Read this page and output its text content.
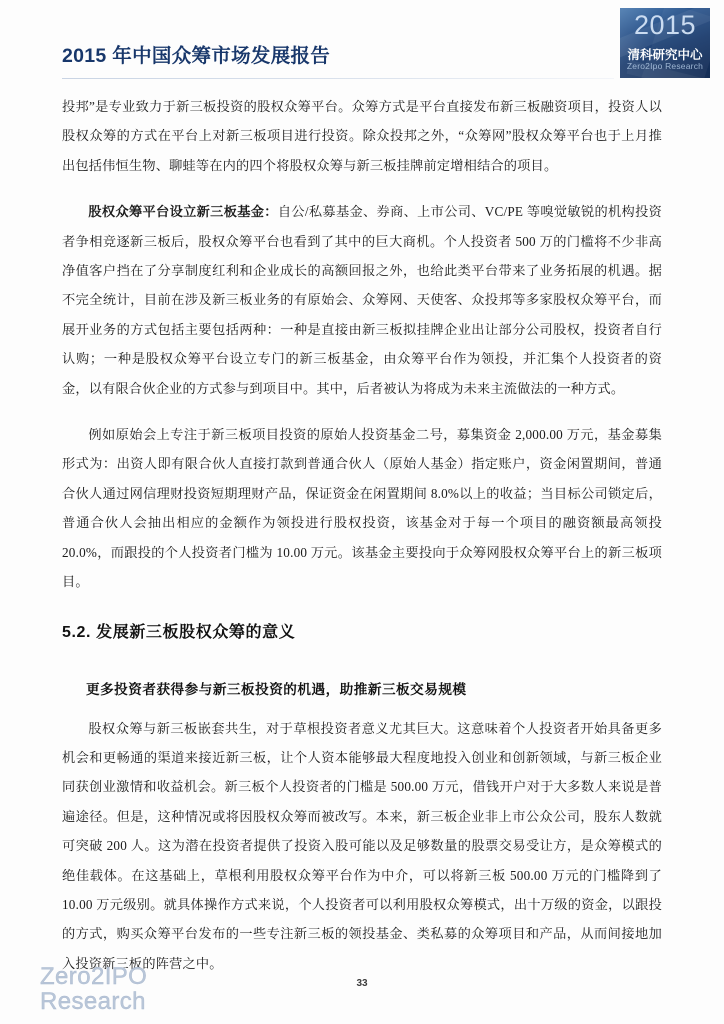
2015 年中国众筹市场发展报告
2015
清科研究中心
Zero2Ipo Research

投邦”是专业致力于新三板投资的股权众筹平台。众筹方式是平台直接发布新三板融资项目，投资人以股权众筹的方式在平台上对新三板项目进行投资。除众投邦之外，“众筹网”股权众筹平台也于上月推出包括伟恒生物、聊蛙等在内的四个将股权众筹与新三板挂牌前定增相结合的项目。

股权众筹平台设立新三板基金：自公/私募基金、券商、上市公司、VC/PE 等嗅觉敏锐的机构投资者争相竞逐新三板后，股权众筹平台也看到了其中的巨大商机。个人投资者 500 万的门槛将不少非高净值客户挡在了分享制度红利和企业成长的高额回报之外，也给此类平台带来了业务拓展的机遇。据不完全统计，目前在涉及新三板业务的有原始会、众筹网、天使客、众投邦等多家股权众筹平台，而展开业务的方式包括主要包括两种：一种是直接由新三板拟挂牌企业出让部分公司股权，投资者自行认购；一种是股权众筹平台设立专门的新三板基金，由众筹平台作为领投，并汇集个人投资者的资金，以有限合伙企业的方式参与到项目中。其中，后者被认为将成为未来主流做法的一种方式。

例如原始会上专注于新三板项目投资的原始人投资基金二号，募集资金 2,000.00 万元，基金募集形式为：出资人即有限合伙人直接打款到普通合伙人（原始人基金）指定账户，资金闲置期间，普通合伙人通过网信理财投资短期理财产品，保证资金在闲置期间 8.0%以上的收益；当目标公司锁定后，普通合伙人会抽出相应的金额作为领投进行股权投资，该基金对于每一个项目的融资额最高领投 20.0%，而跟投的个人投资者门槛为 10.00 万元。该基金主要投向于众筹网股权众筹平台上的新三板项目。

5.2. 发展新三板股权众筹的意义
更多投资者获得参与新三板投资的机遇，助推新三板交易规模

股权众筹与新三板嵌套共生，对于草根投资者意义尤其巨大。这意味着个人投资者开始具备更多机会和更畅通的渠道来接近新三板，让个人资本能够最大程度地投入创业和创新领域，与新三板企业同获创业激情和收益机会。新三板个人投资者的门槛是 500.00 万元，借钱开户对于大多数人来说是普遍途径。但是，这种情况或将因股权众筹而被改写。本来，新三板企业非上市公众公司，股东人数就可突破 200 人。这为潜在投资者提供了投资入股可能以及足够数量的股票交易受让方，是众筹模式的绝佳载体。在这基础上，草根利用股权众筹平台作为中介，可以将新三板 500.00 万元的门槛降到了 10.00 万元级别。就具体操作方式来说，个人投资者可以利用股权众筹模式，出十万级的资金，以跟投的方式，购买众筹平台发布的一些专注新三板的领投基金、类私募的众筹项目和产品，从而间接地加入投资新三板的阵营之中。

Zero2IPO
Research
33
